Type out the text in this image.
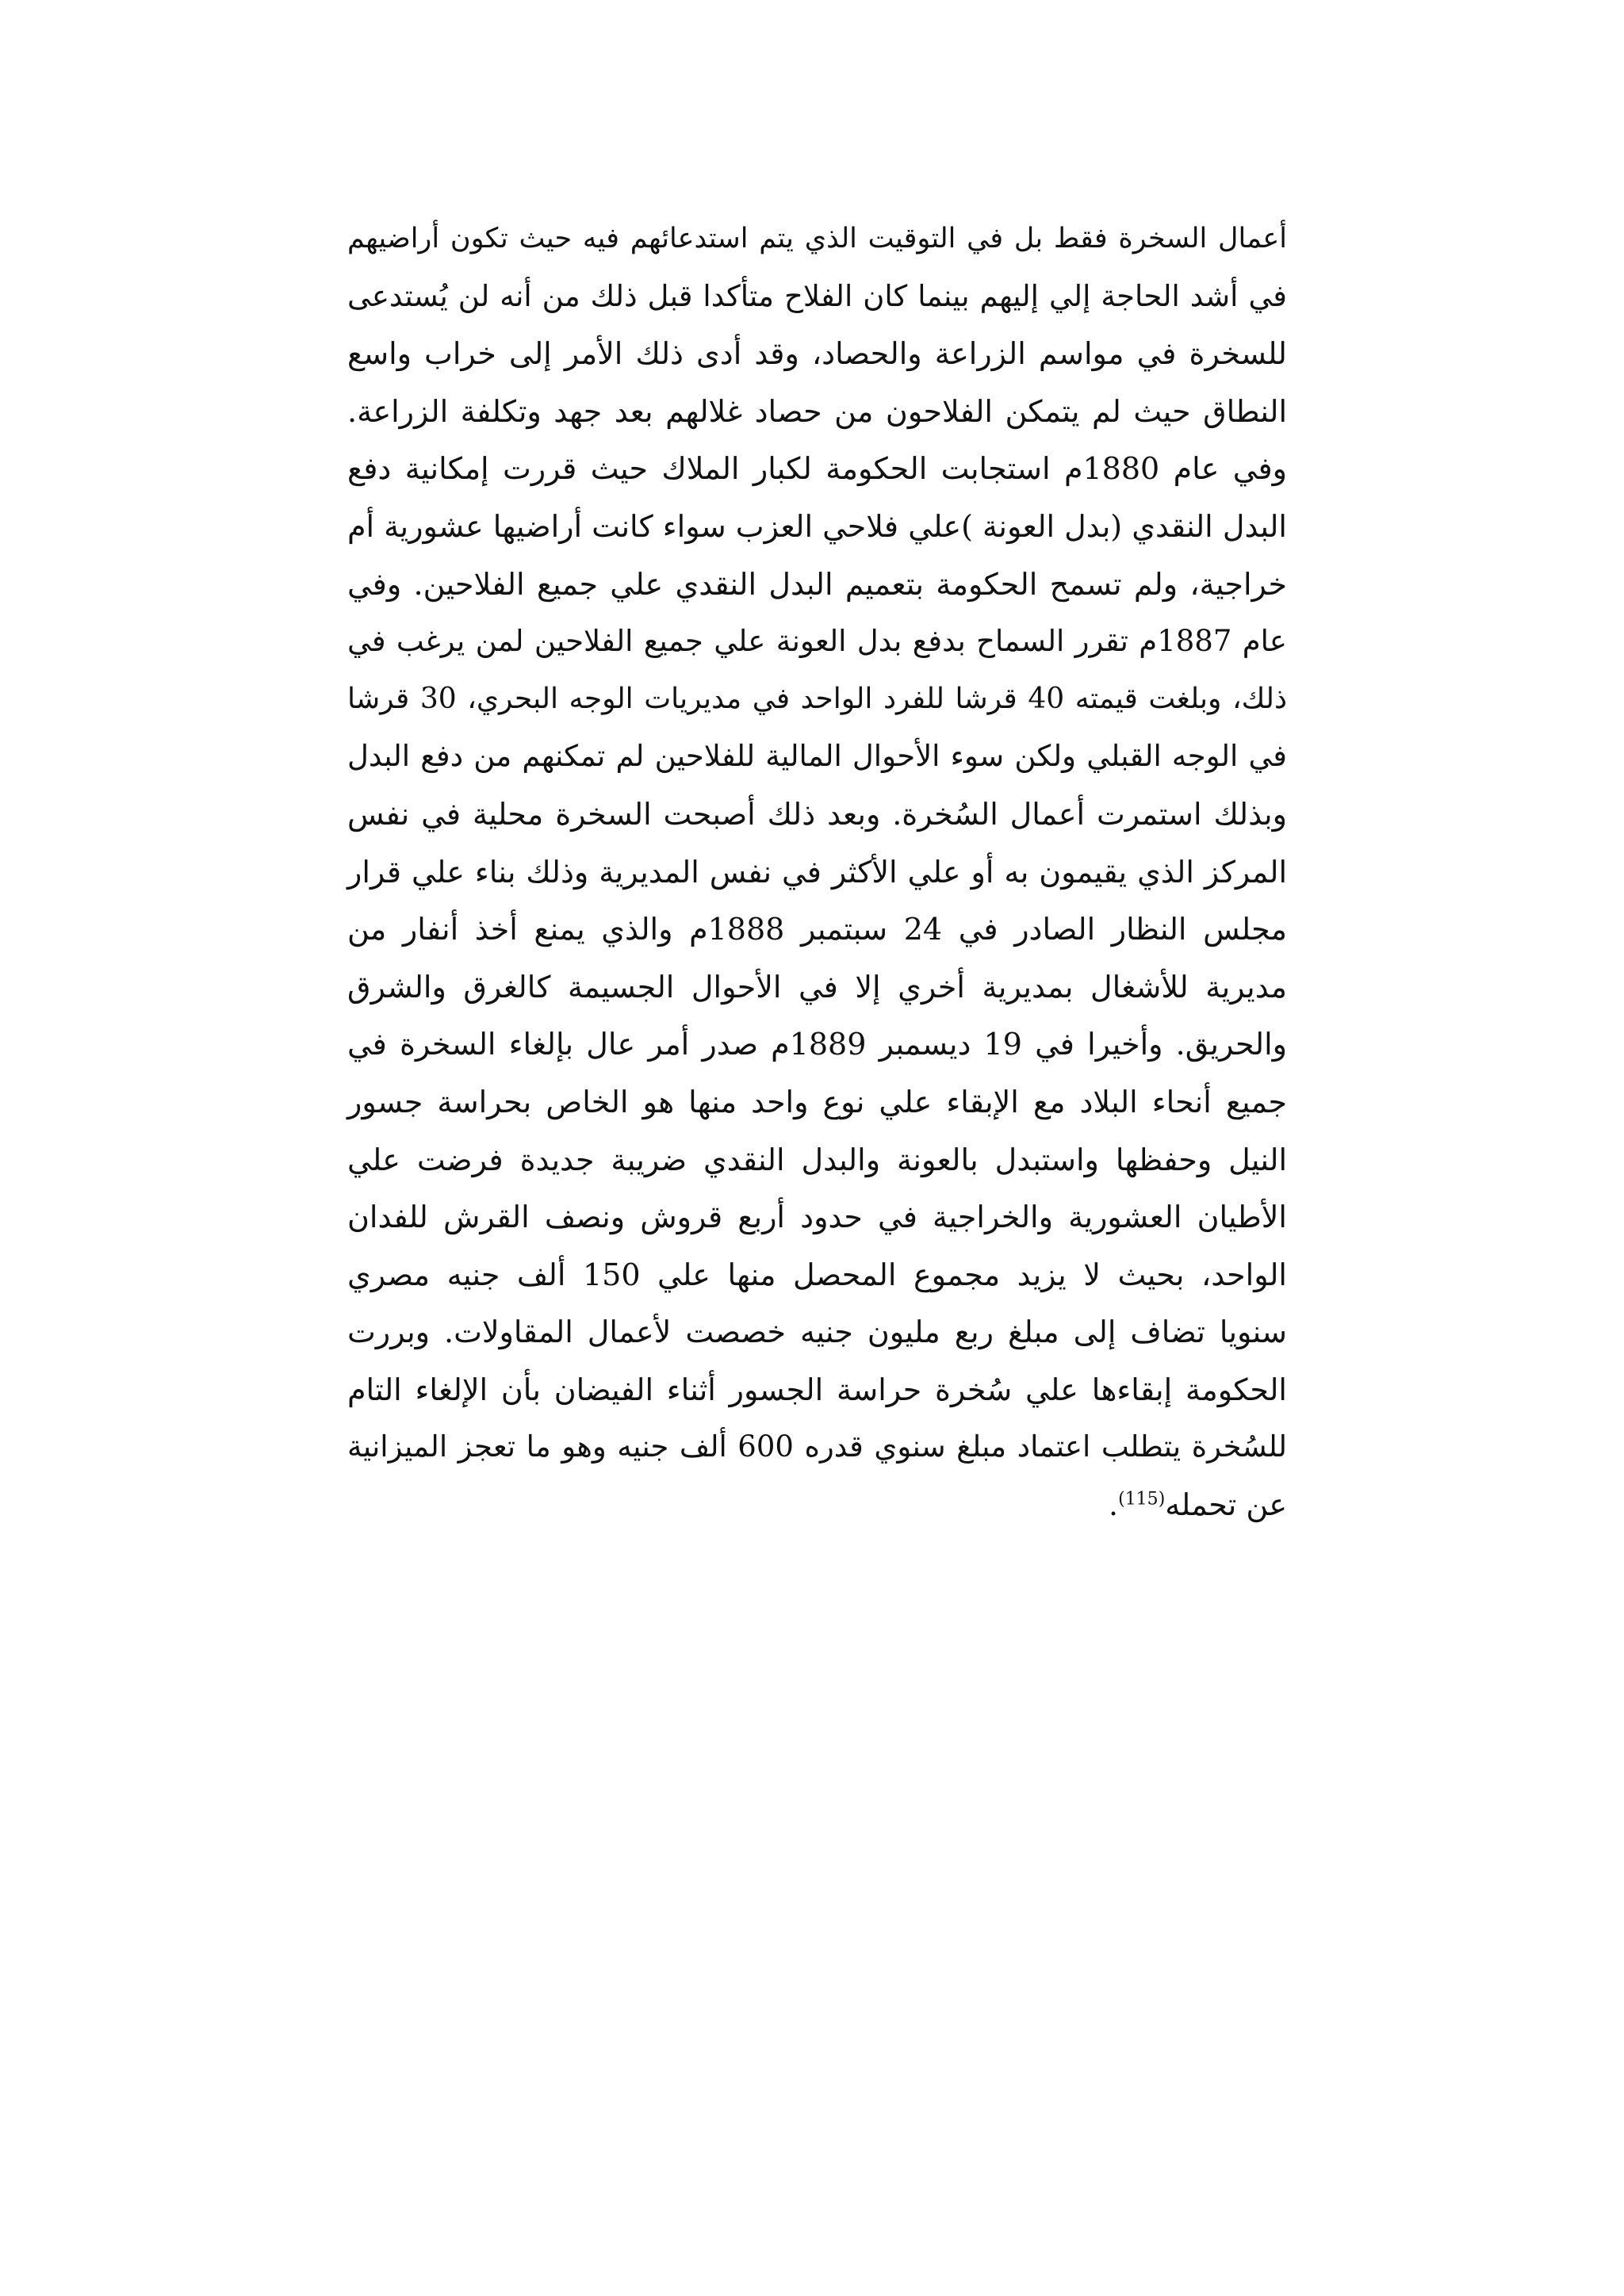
أعمال السخرة فقط بل في التوقيت الذي يتم استدعائهم فيه حيث تكون أراضيهم
في أشد الحاجة إلي إليهم بينما كان الفلاح متأكدا قبل ذلك من أنه لن يُستدعى
للسخرة في مواسم الزراعة والحصاد، وقد أدى ذلك الأمر إلى خراب واسع
النطاق حيث لم يتمكن الفلاحون من حصاد غلالهم بعد جهد وتكلفة الزراعة.
وفي عام 1880م استجابت الحكومة لكبار الملاك حيث قررت إمكانية دفع
البدل النقدي (بدل العونة )علي فلاحي العزب سواء كانت أراضيها عشورية أم
خراجية، ولم تسمح الحكومة بتعميم البدل النقدي علي جميع الفلاحين. وفي
عام 1887م تقرر السماح بدفع بدل العونة علي جميع الفلاحين لمن يرغب في
ذلك، وبلغت قيمته 40 قرشا للفرد الواحد في مديريات الوجه البحري، 30 قرشا
في الوجه القبلي ولكن سوء الأحوال المالية للفلاحين لم تمكنهم من دفع البدل
وبذلك استمرت أعمال السُخرة. وبعد ذلك أصبحت السخرة محلية في نفس
المركز الذي يقيمون به أو علي الأكثر في نفس المديرية وذلك بناء علي قرار
مجلس النظار الصادر في 24 سبتمبر 1888م والذي يمنع أخذ أنفار من
مديرية للأشغال بمديرية أخري إلا في الأحوال الجسيمة كالغرق والشرق
والحريق. وأخيرا في 19 ديسمبر 1889م صدر أمر عال بإلغاء السخرة في
جميع أنحاء البلاد مع الإبقاء علي نوع واحد منها هو الخاص بحراسة جسور
النيل وحفظها واستبدل بالعونة والبدل النقدي ضريبة جديدة فرضت علي
الأطيان العشورية والخراجية في حدود أربع قروش ونصف القرش للفدان
الواحد، بحيث لا يزيد مجموع المحصل منها علي 150 ألف جنيه مصري
سنويا تضاف إلى مبلغ ربع مليون جنيه خصصت لأعمال المقاولات. وبررت
الحكومة إبقاءها علي سُخرة حراسة الجسور أثناء الفيضان بأن الإلغاء التام
للسُخرة يتطلب اعتماد مبلغ سنوي قدره 600 ألف جنيه وهو ما تعجز الميزانية
عن تحمله$^{(115)}$.
